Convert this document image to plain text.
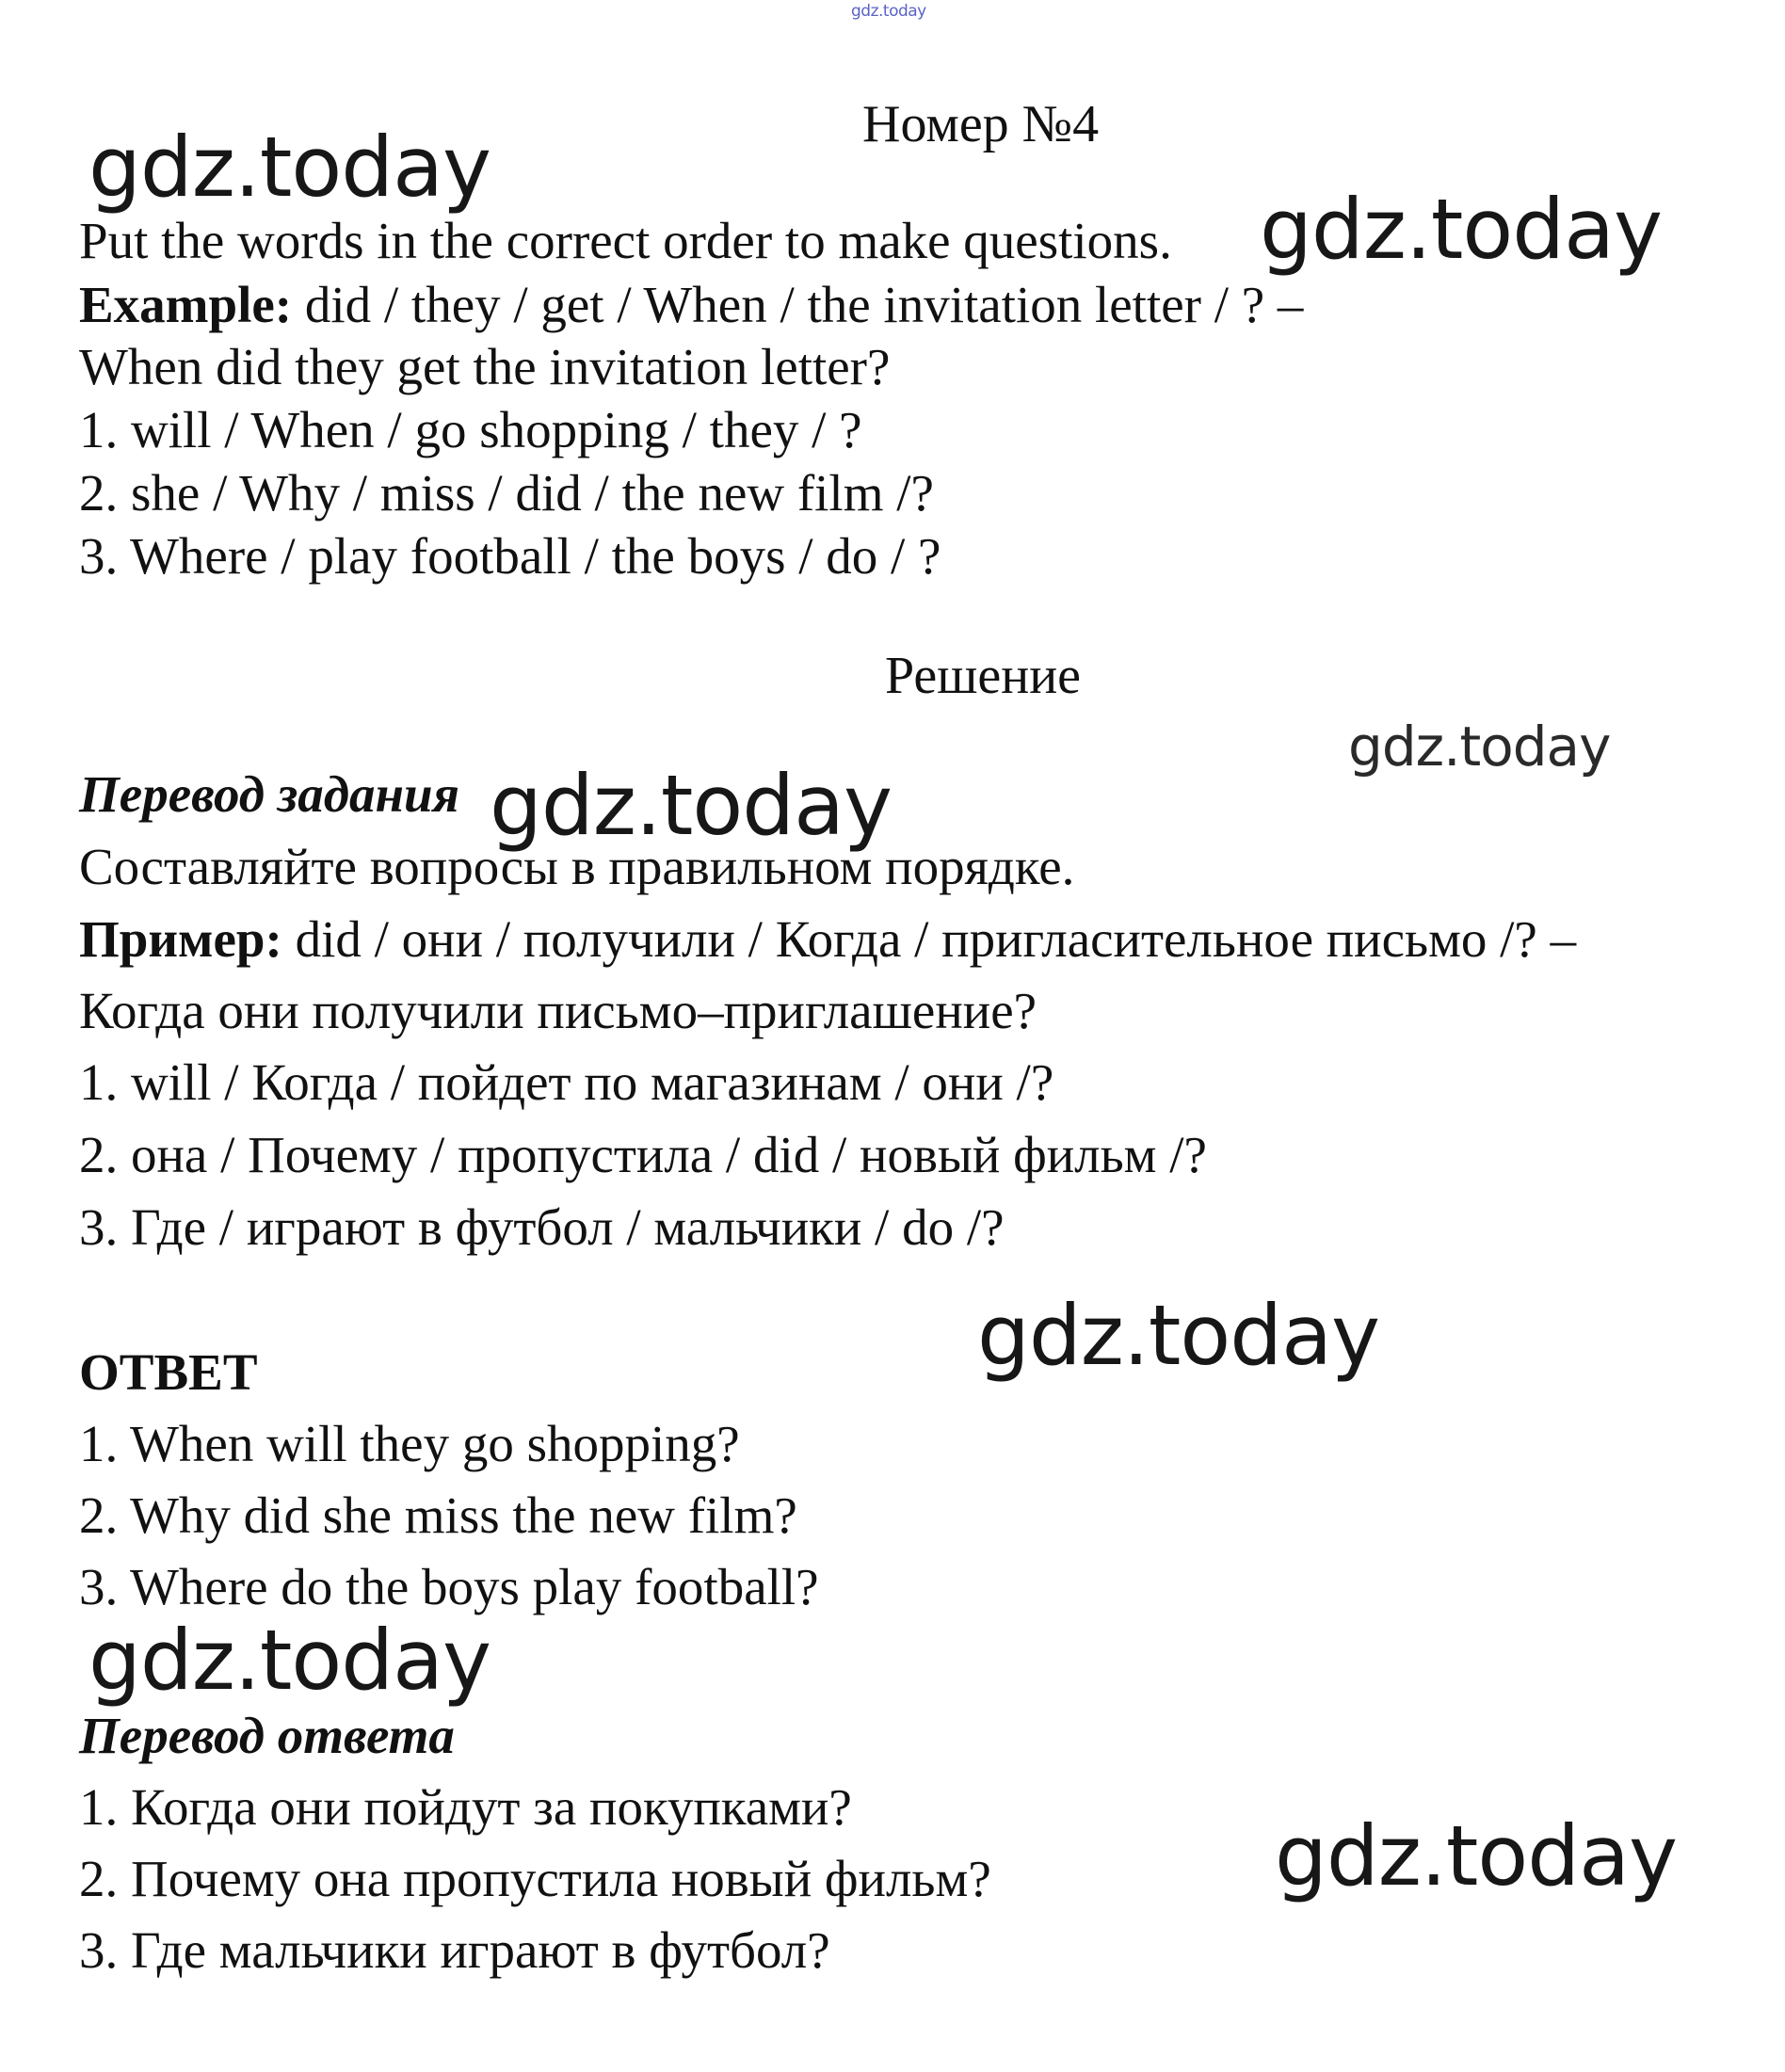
gdz.today
Номер №4
gdz.today
Put the words in the correct order to make questions. gdz.today
Example: did / they / get / When / the invitation letter / ? –
When did they get the invitation letter?
1. will / When / go shopping / they / ?
2. she / Why / miss / did / the new film /?
3. Where / play football / the boys / do / ?
Решение
gdz.today
Перевод задания gdz.today
Составляйте вопросы в правильном порядке.
Пример: did / они / получили / Когда / пригласительное письмо /? –
Когда они получили письмо–приглашение?
1. will / Когда / пойдет по магазинам / они /?
2. она / Почему / пропустила / did / новый фильм /?
3. Где / играют в футбол / мальчики / do /?
gdz.today
ОТВЕТ
1. When will they go shopping?
2. Why did she miss the new film?
3. Where do the boys play football?
gdz.today
Перевод ответа
1. Когда они пойдут за покупками?
2. Почему она пропустила новый фильм?	gdz.today
3. Где мальчики играют в футбол?
